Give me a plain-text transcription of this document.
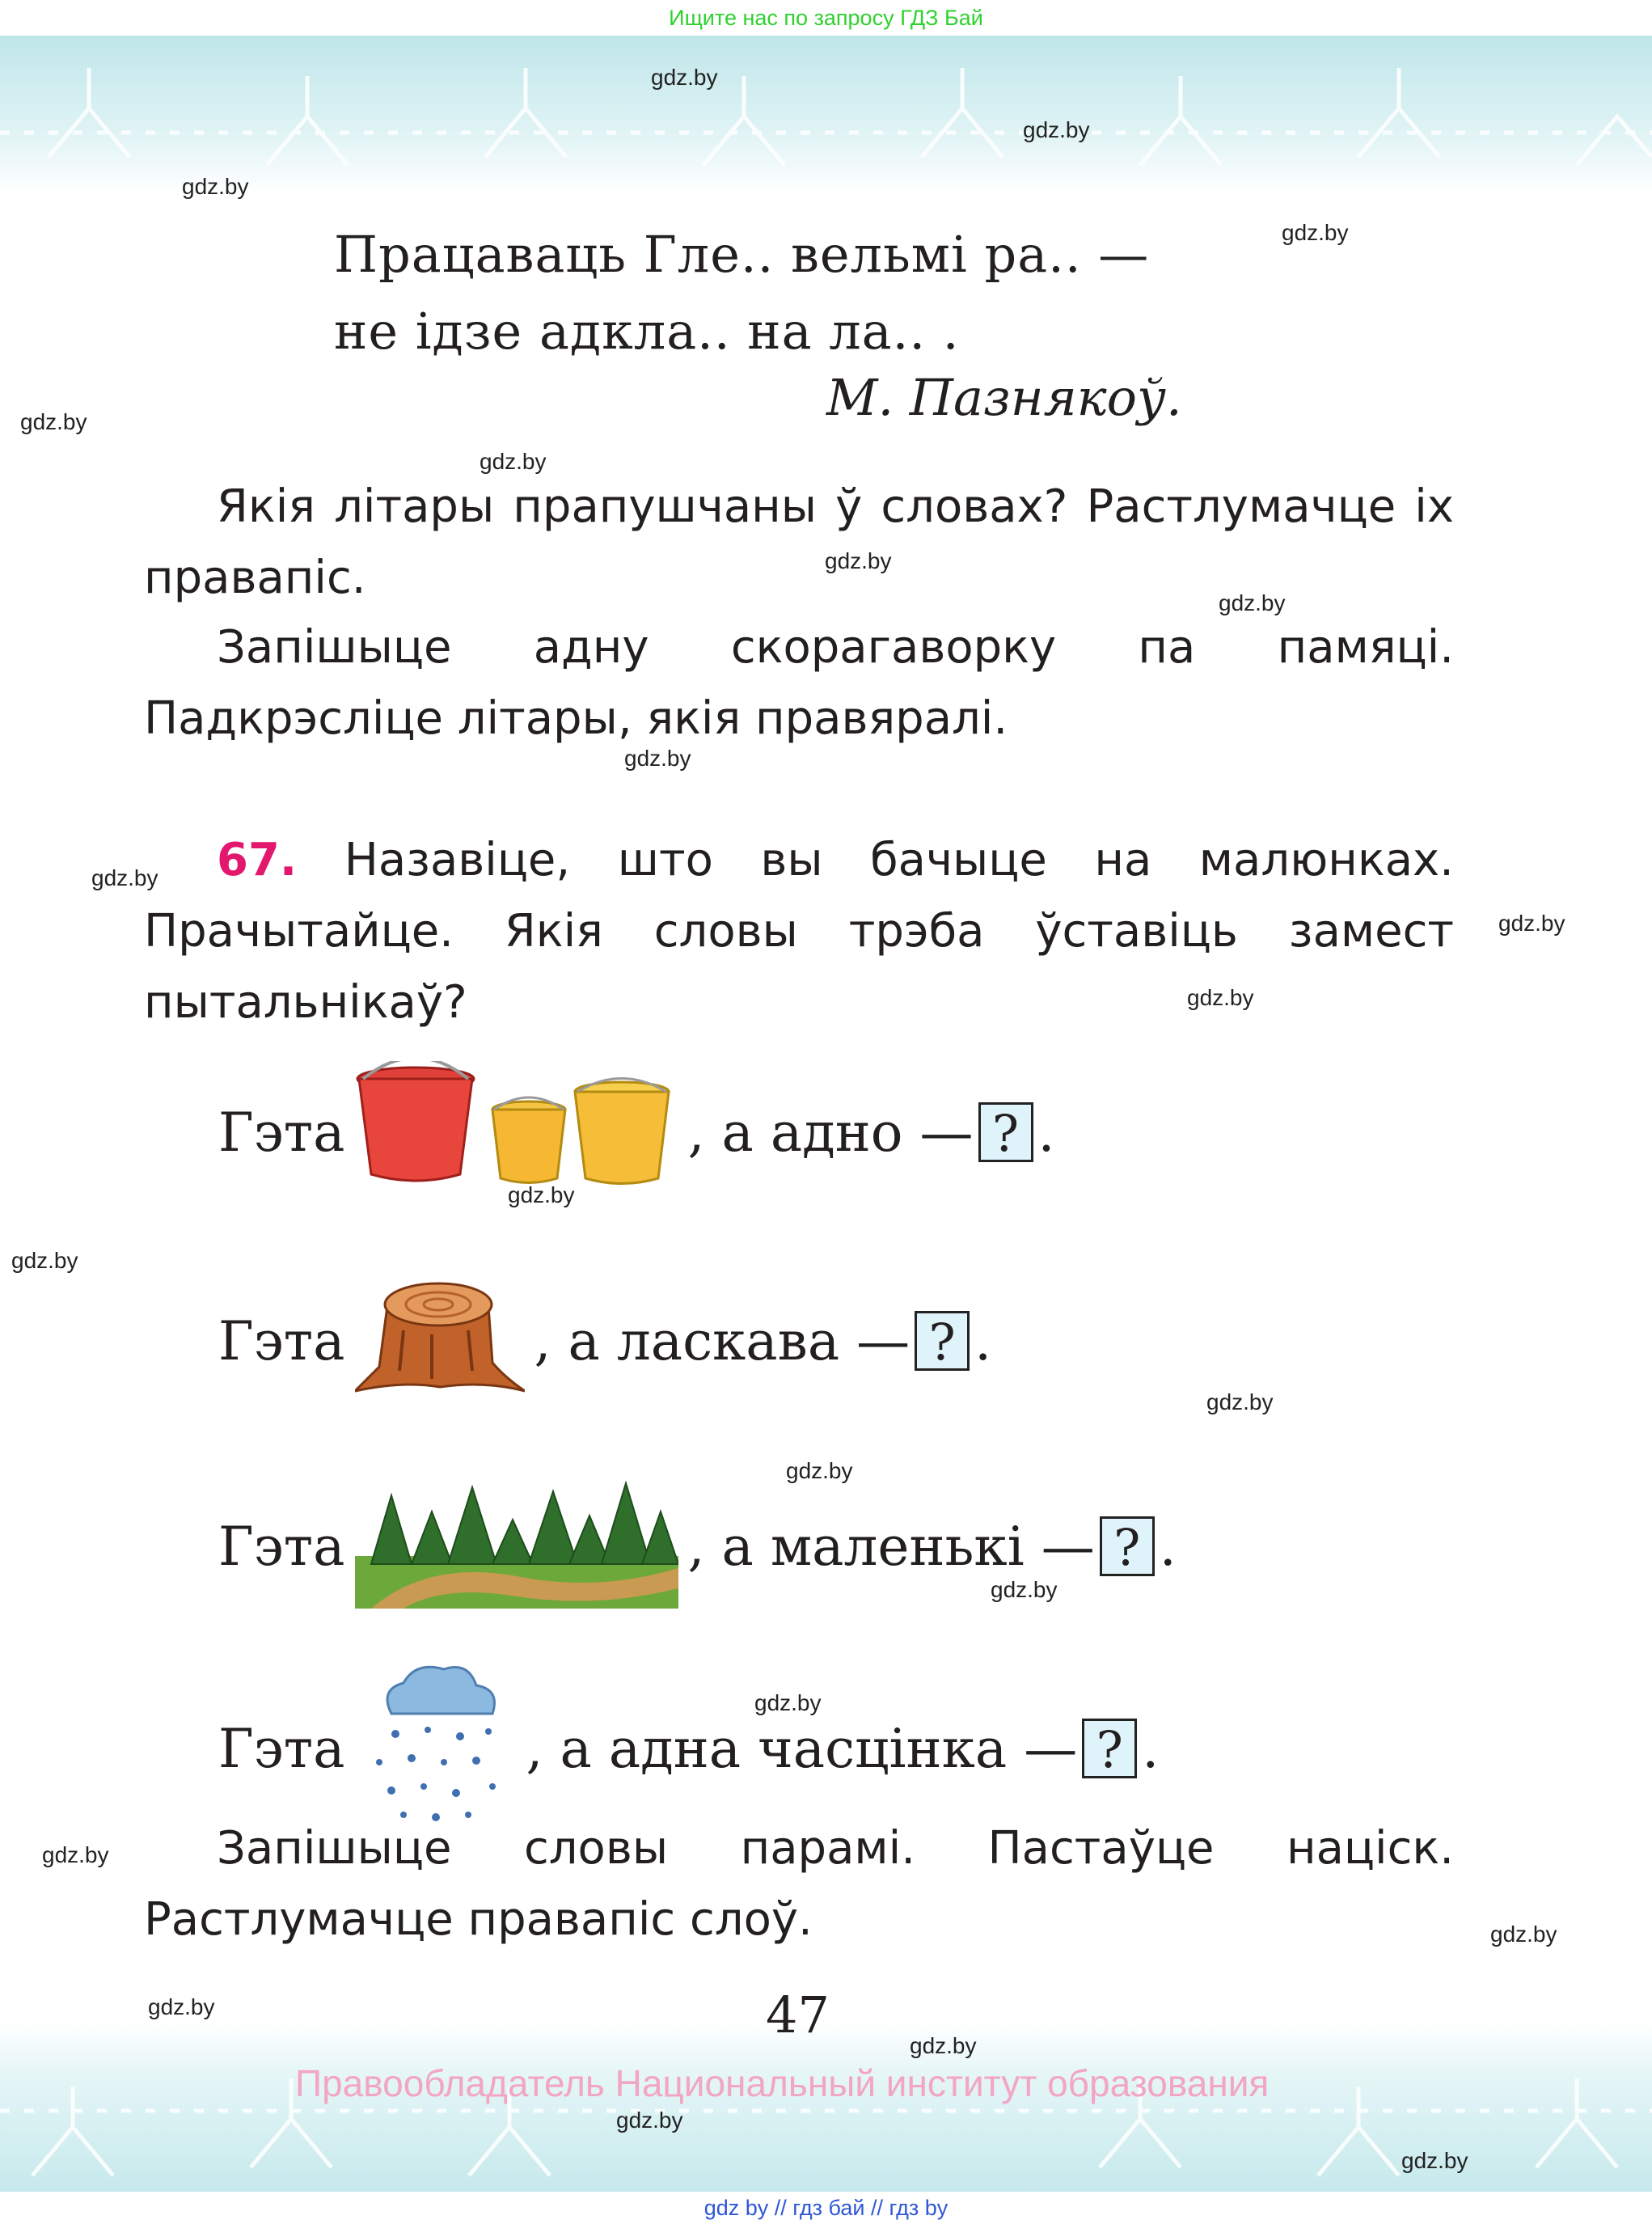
Ищите нас по запросу ГДЗ Бай
gdz.by
gdz.by
gdz.by
gdz.by
gdz.by
gdz.by
gdz.by
gdz.by
gdz.by
gdz.by
gdz.by
gdz.by
gdz.by
gdz.by
gdz.by
gdz.by
gdz.by
gdz.by
gdz.by
gdz.by
gdz.by
gdz.by
gdz.by
gdz.by
Працаваць Гле.. вельмі ра.. —
не ідзе адкла.. на ла.. .
М. Пазнякоў.
Якія літары прапушчаны ў словах? Растлумачце іх правапіс.
Запішыце адну скорагаворку па памяці. Падкрэсліце літары, якія правяралі.
67. Назавіце, што вы бачыце на малюнках. Прачытайце. Якія словы трэба ўставіць замест пытальнікаў?
Гэта	, а адно — ? .
Гэта	, а ласкава — ? .
Гэта	, а маленькі — ? .
Гэта	, а адна часцінка — ? .
Запішыце словы парамі. Пастаўце націск. Растлумачце правапіс слоў.
47
Правообладатель Национальный институт образования
gdz by // гдз бай // гдз by
